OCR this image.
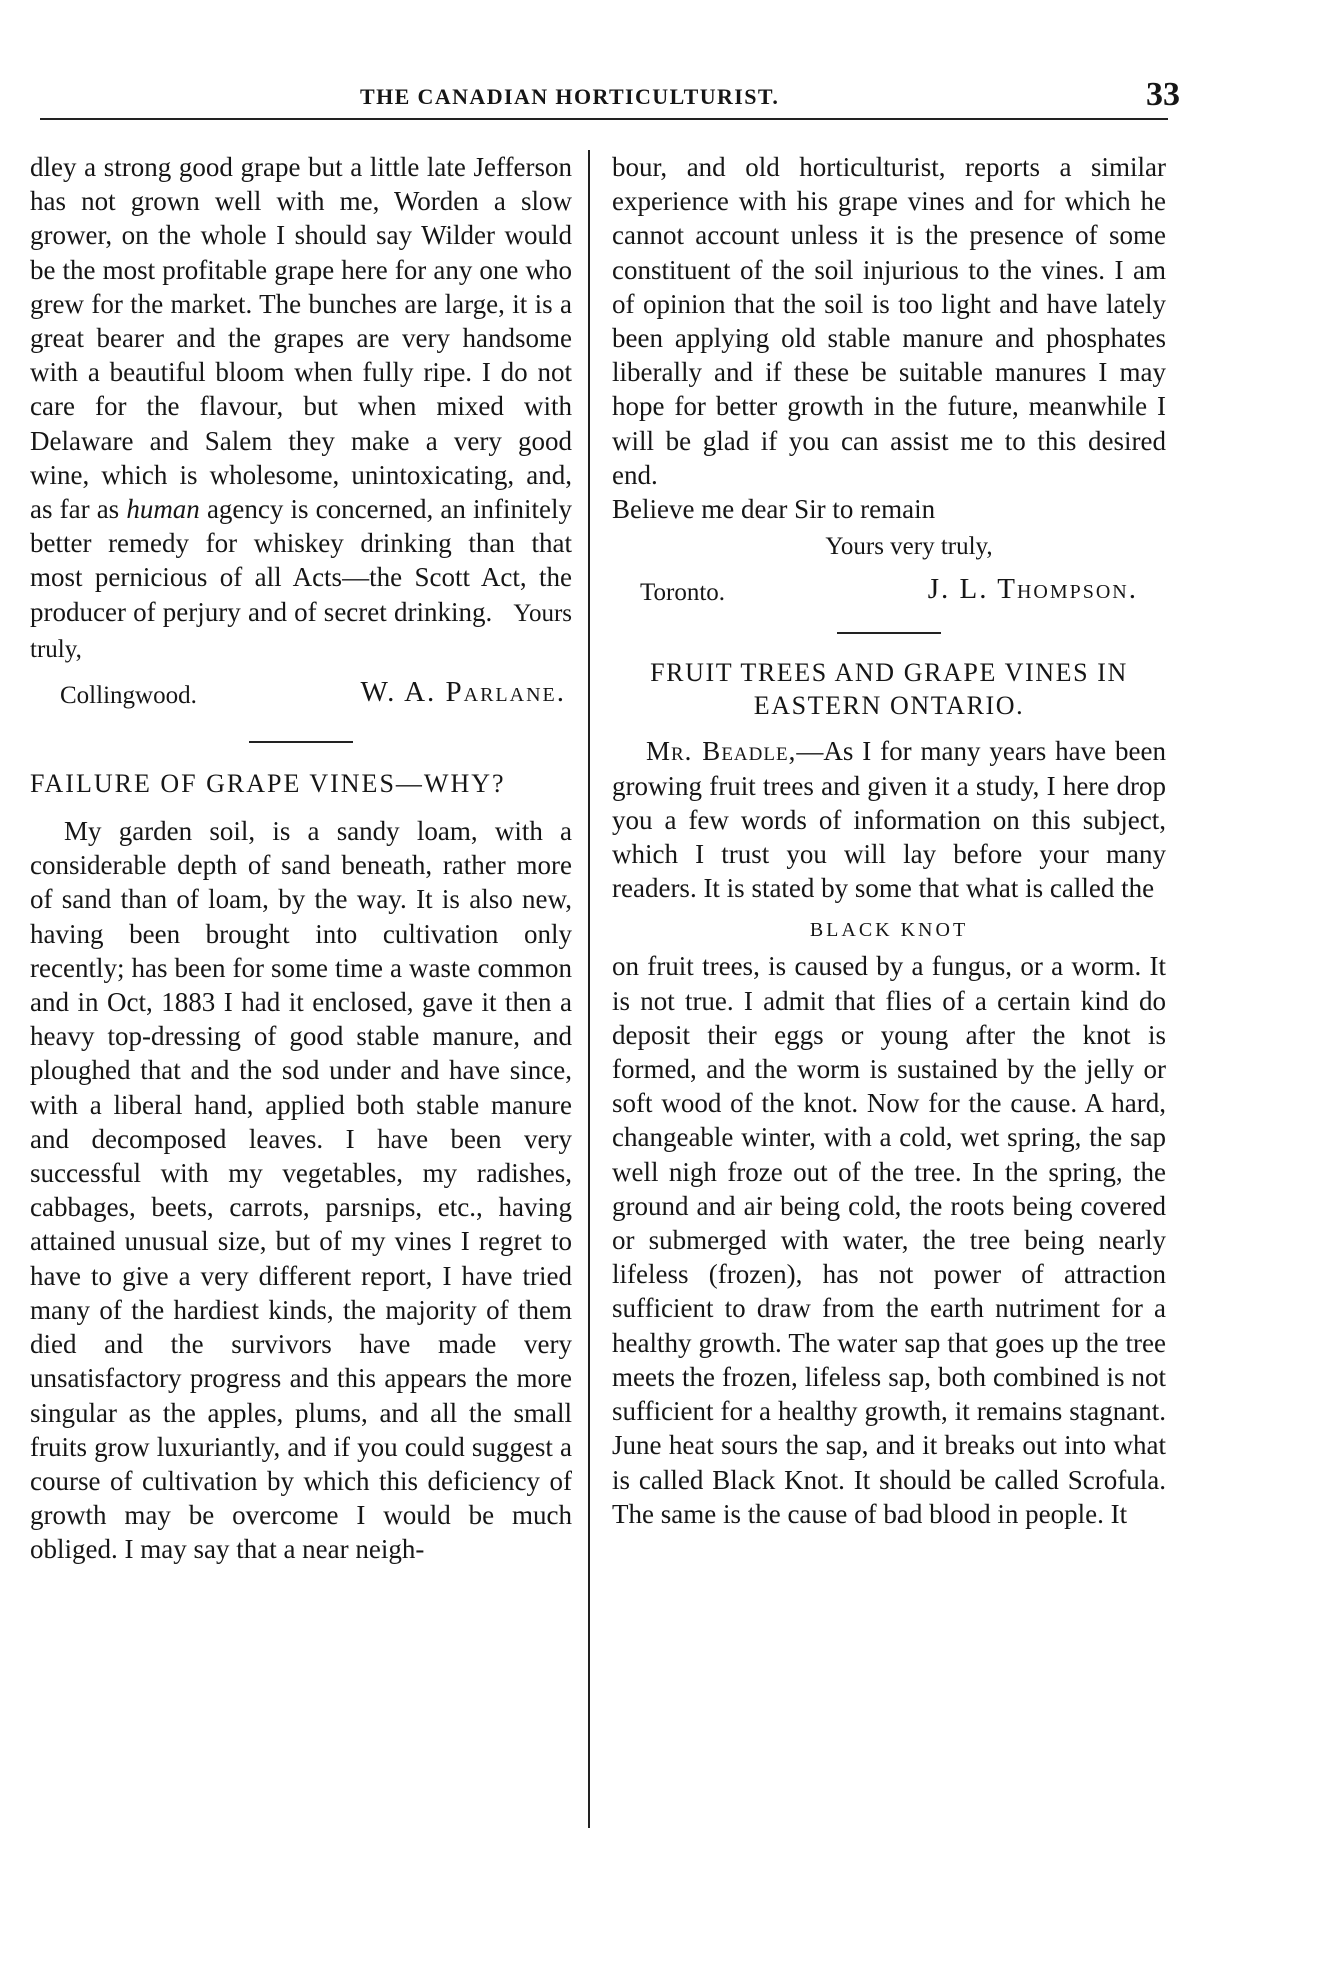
THE CANADIAN HORTICULTURIST.	33

dley a strong good grape but a little late Jefferson has not grown well with me, Worden a slow grower, on the whole I should say Wilder would be the most profitable grape here for any one who grew for the market. The bunches are large, it is a great bearer and the grapes are very handsome with a beautiful bloom when fully ripe. I do not care for the flavour, but when mixed with Delaware and Salem they make a very good wine, which is wholesome, unintoxicating, and, as far as human agency is concerned, an infinitely better remedy for whiskey drinking than that most pernicious of all Acts—the Scott Act, the producer of perjury and of secret drinking. Yours truly,

Collingwood.	W. A. Parlane.
FAILURE OF GRAPE VINES—WHY?

My garden soil, is a sandy loam, with a considerable depth of sand beneath, rather more of sand than of loam, by the way. It is also new, having been brought into cultivation only recently; has been for some time a waste common and in Oct, 1883 I had it enclosed, gave it then a heavy top-dressing of good stable manure, and ploughed that and the sod under and have since, with a liberal hand, applied both stable manure and decomposed leaves. I have been very successful with my vegetables, my radishes, cabbages, beets, carrots, parsnips, etc., having attained unusual size, but of my vines I regret to have to give a very different report, I have tried many of the hardiest kinds, the majority of them died and the survivors have made very unsatisfactory progress and this appears the more singular as the apples, plums, and all the small fruits grow luxuriantly, and if you could suggest a course of cultivation by which this deficiency of growth may be overcome I would be much obliged. I may say that a near neigh-

bour, and old horticulturist, reports a similar experience with his grape vines and for which he cannot account unless it is the presence of some constituent of the soil injurious to the vines. I am of opinion that the soil is too light and have lately been applying old stable manure and phosphates liberally and if these be suitable manures I may hope for better growth in the future, meanwhile I will be glad if you can assist me to this desired end.

Believe me dear Sir to remain

Yours very truly,
Toronto.	J. L. Thompson.
FRUIT TREES AND GRAPE VINES IN EASTERN ONTARIO.

Mr. Beadle,—As I for many years have been growing fruit trees and given it a study, I here drop you a few words of information on this subject, which I trust you will lay before your many readers. It is stated by some that what is called the

BLACK KNOT

on fruit trees, is caused by a fungus, or a worm. It is not true. I admit that flies of a certain kind do deposit their eggs or young after the knot is formed, and the worm is sustained by the jelly or soft wood of the knot. Now for the cause. A hard, changeable winter, with a cold, wet spring, the sap well nigh froze out of the tree. In the spring, the ground and air being cold, the roots being covered or submerged with water, the tree being nearly lifeless (frozen), has not power of attraction sufficient to draw from the earth nutriment for a healthy growth. The water sap that goes up the tree meets the frozen, lifeless sap, both combined is not sufficient for a healthy growth, it remains stagnant. June heat sours the sap, and it breaks out into what is called Black Knot. It should be called Scrofula. The same is the cause of bad blood in people. It
